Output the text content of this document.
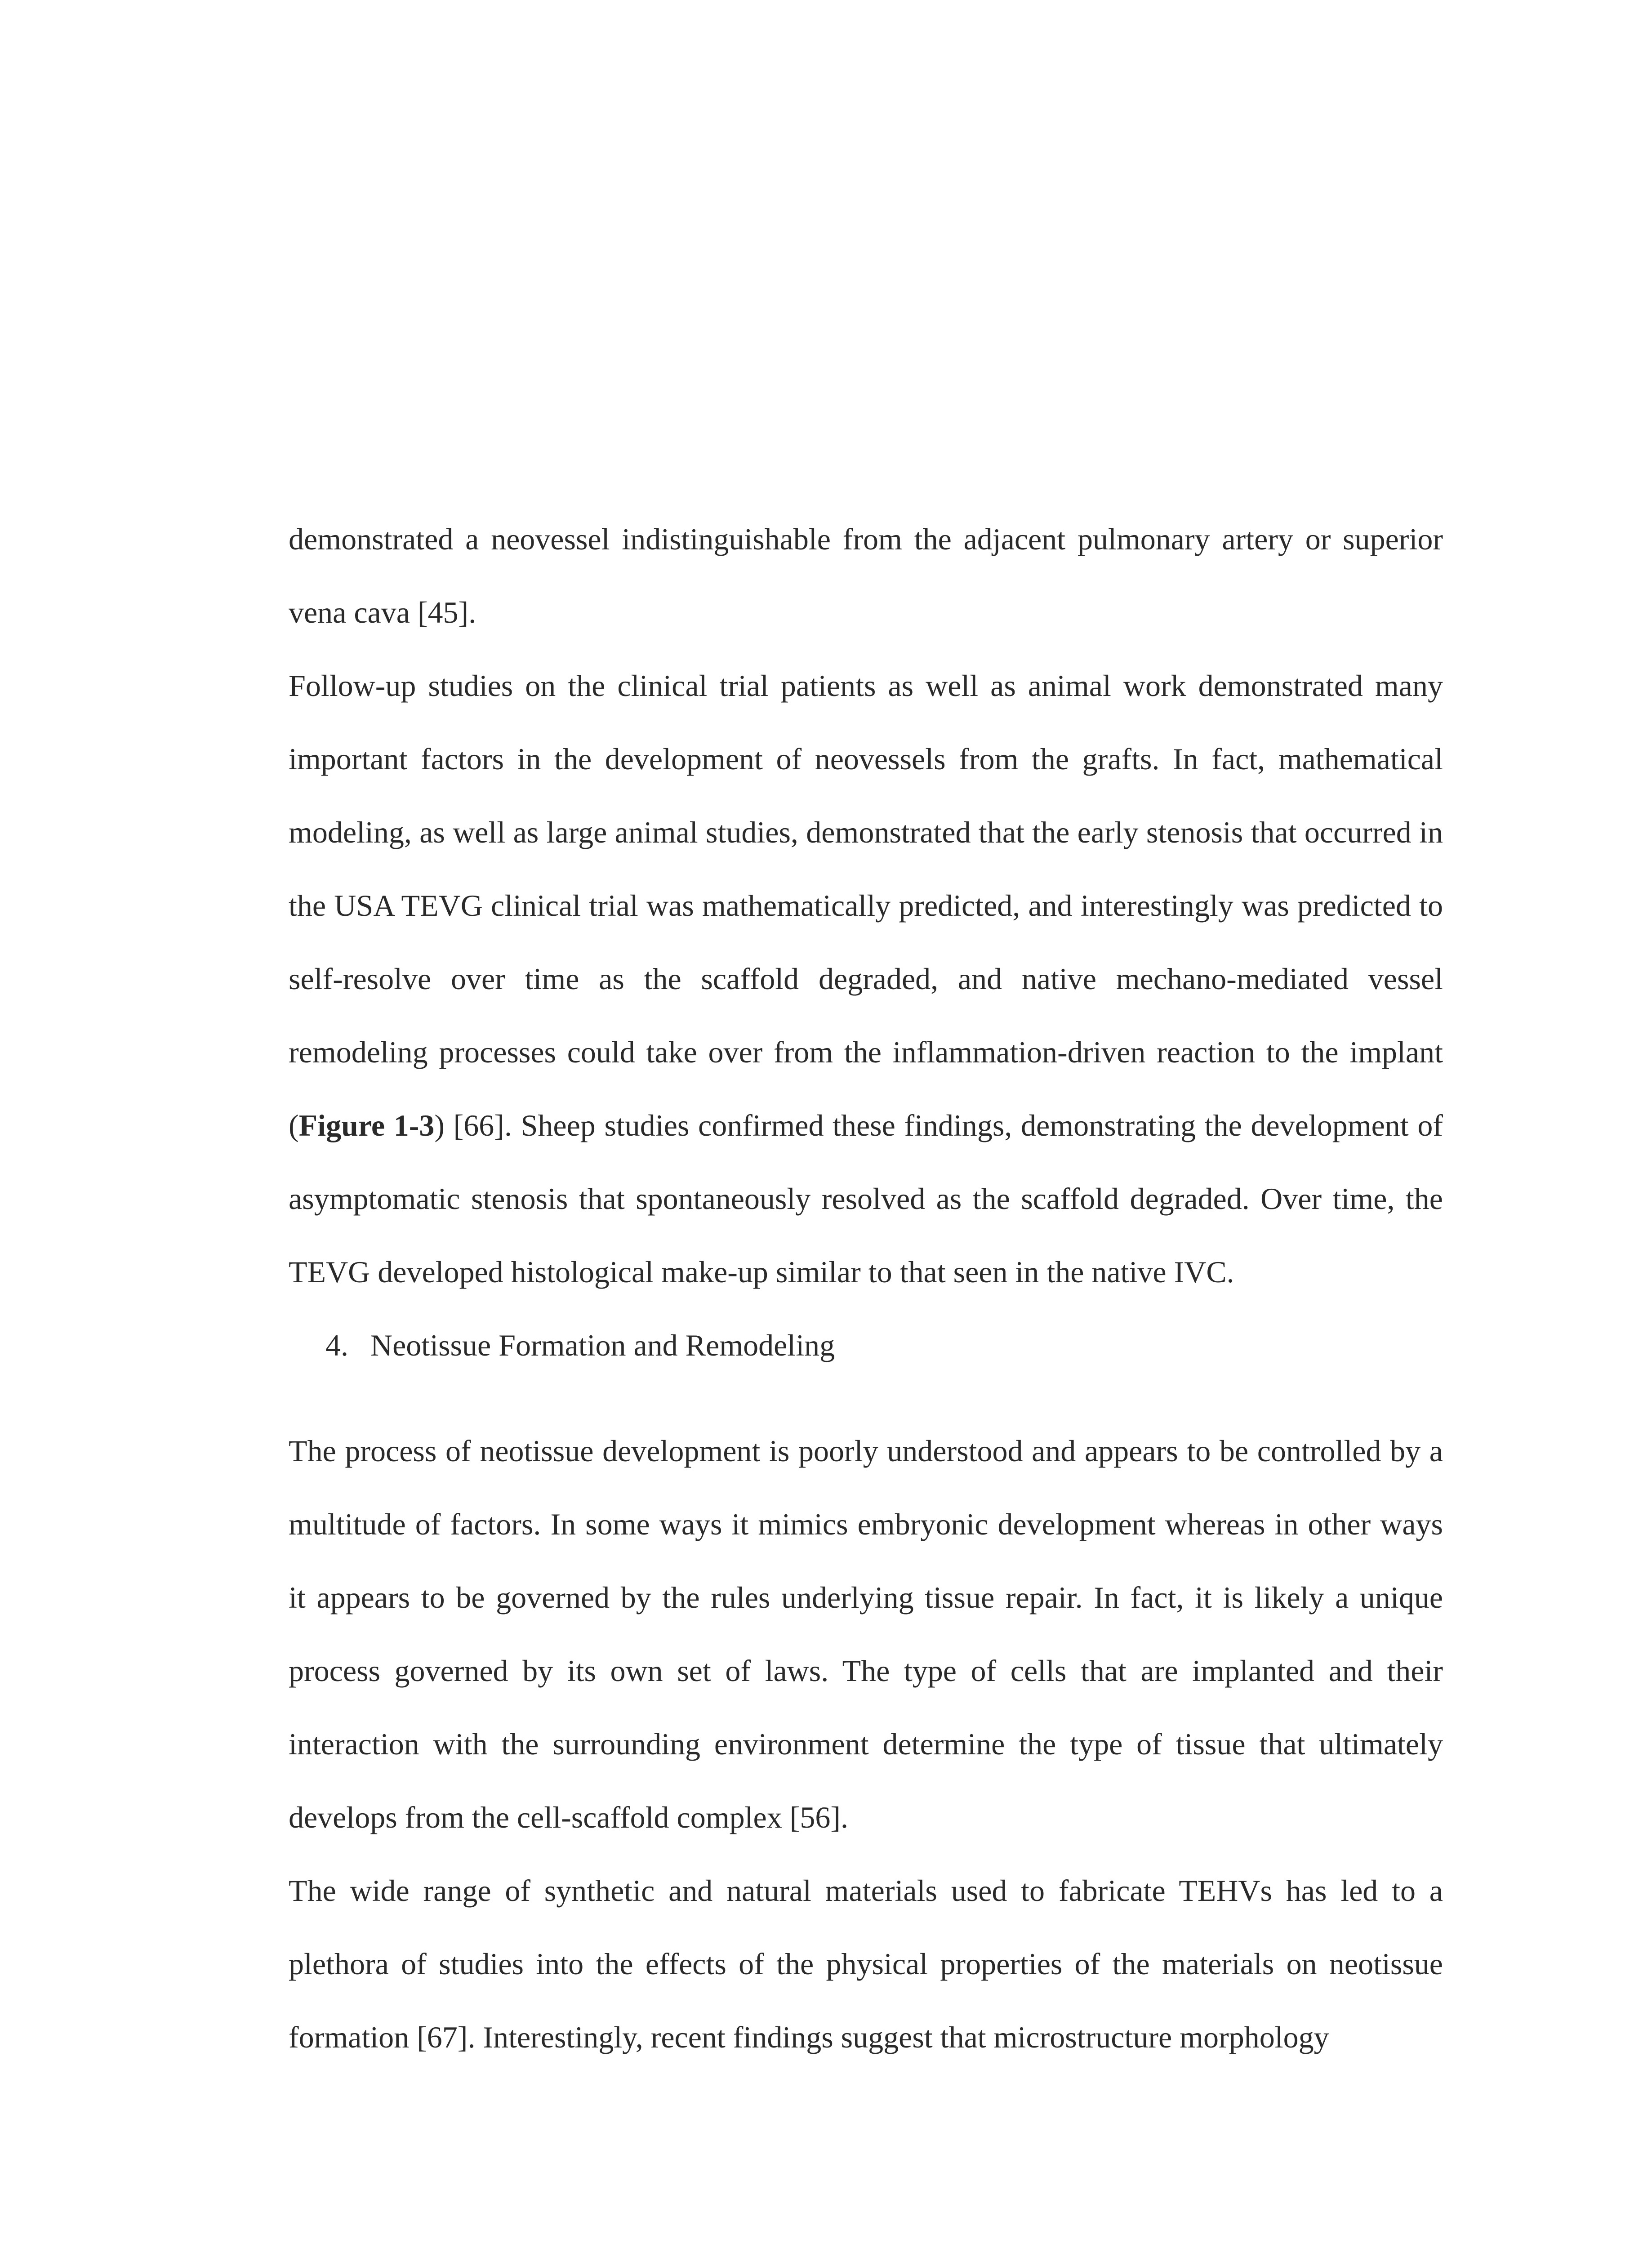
demonstrated a neovessel indistinguishable from the adjacent pulmonary artery or superior vena cava [45].

Follow-up studies on the clinical trial patients as well as animal work demonstrated many important factors in the development of neovessels from the grafts. In fact, mathematical modeling, as well as large animal studies, demonstrated that the early stenosis that occurred in the USA TEVG clinical trial was mathematically predicted, and interestingly was predicted to self-resolve over time as the scaffold degraded, and native mechano-mediated vessel remodeling processes could take over from the inflammation-driven reaction to the implant (Figure 1-3) [66]. Sheep studies confirmed these findings, demonstrating the development of asymptomatic stenosis that spontaneously resolved as the scaffold degraded. Over time, the TEVG developed histological make-up similar to that seen in the native IVC.

4. Neotissue Formation and Remodeling

The process of neotissue development is poorly understood and appears to be controlled by a multitude of factors. In some ways it mimics embryonic development whereas in other ways it appears to be governed by the rules underlying tissue repair. In fact, it is likely a unique process governed by its own set of laws. The type of cells that are implanted and their interaction with the surrounding environment determine the type of tissue that ultimately develops from the cell-scaffold complex [56].

The wide range of synthetic and natural materials used to fabricate TEHVs has led to a plethora of studies into the effects of the physical properties of the materials on neotissue formation [67]. Interestingly, recent findings suggest that microstructure morphology
